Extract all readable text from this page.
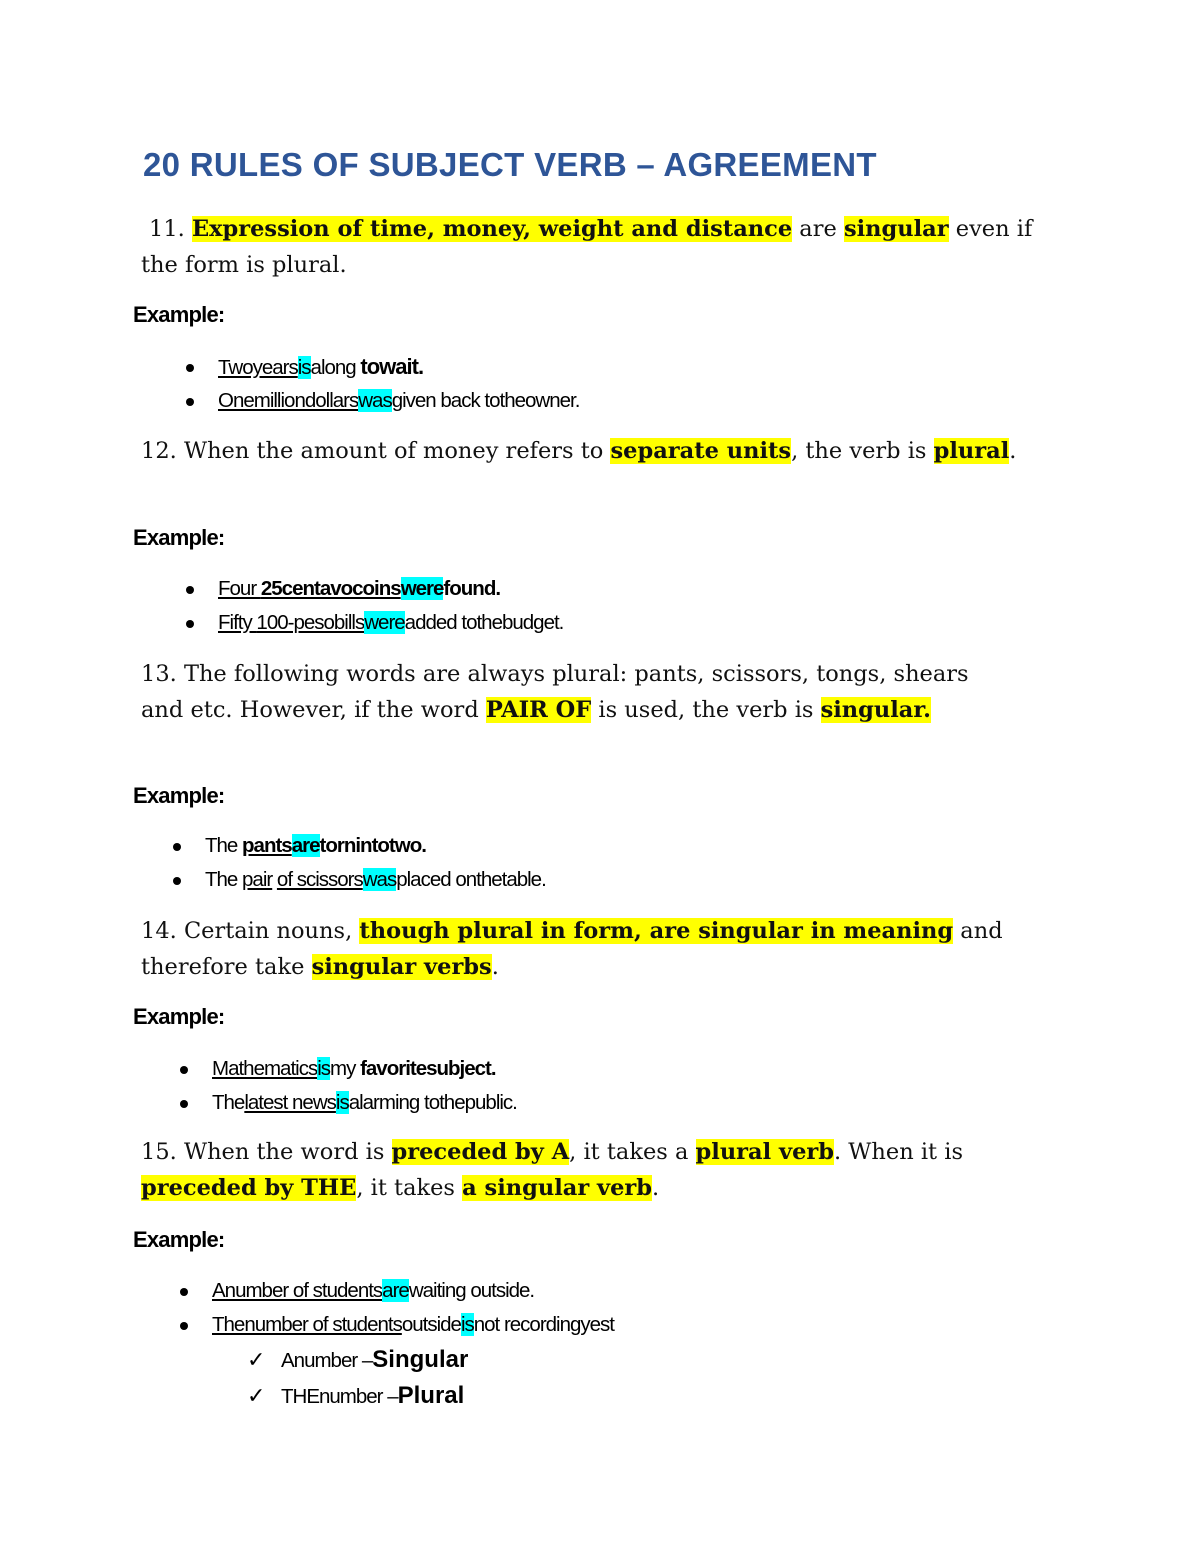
20 RULES OF SUBJECT VERB – AGREEMENT

11. Expression of time, money, weight and distance are singular even if the form is plural.

Example:

Twoyearsisalong towait.
Onemilliondollarswasgiven back totheowner.

12. When the amount of money refers to separate units, the verb is plural.

Example:

Four 25centavocoinswerefound.
Fifty 100-pesobillswereadded tothebudget.

13. The following words are always plural: pants, scissors, tongs, shears and etc. However, if the word PAIR OF is used, the verb is singular.

Example:

The pantsaretornintotwo.
The pair of scissorswasplaced onthetable.

14. Certain nouns, though plural in form, are singular in meaning and therefore take singular verbs.

Example:

Mathematicsismy favoritesubject.
Thelatest newsisalarming tothepublic.

15. When the word is preceded by A, it takes a plural verb. When it is preceded by THE, it takes a singular verb.

Example:

Anumber of studentsarewaiting outside.
Thenumber of studentsoutsideisnot recordingyest
✓ Anumber –Singular
✓ THEnumber –Plural
